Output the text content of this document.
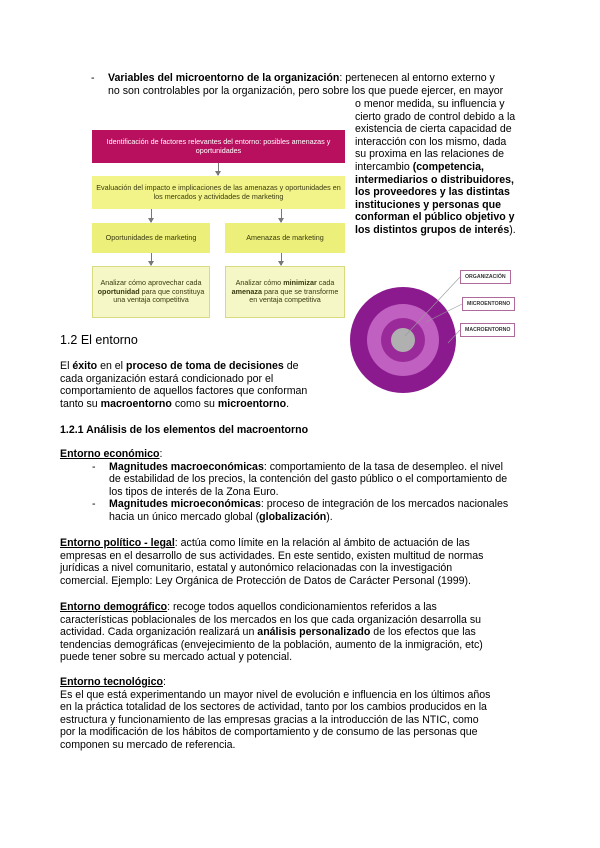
- Variables del microentorno de la organización: pertenecen al entorno externo y
no son controlables por la organización, pero sobre los que puede ejercer, en mayor
o menor medida, su influencia y
cierto grado de control debido a la
existencia de cierta capacidad de
interacción con los mismo, dada
su proxima en las relaciones de
intercambio (competencia,
intermediarios o distribuidores,
los proveedores y las distintas
instituciones y personas que
conforman el público objetivo y
los distintos grupos de interés).
Identificación de factores relevantes del entorno: posibles amenazas y oportunidades
Evaluación del impacto e implicaciones de las amenazas y oportunidades en los mercados y actividades de marketing
Oportunidades de marketing	Amenazas de marketing
Analizar cómo aprovechar cada oportunidad para que constituya una ventaja competitiva
Analizar cómo minimizar cada amenaza para que se transforme en ventaja competitiva
ORGANIZACIÓN
MICROENTORNO
MACROENTORNO
1.2 El entorno
El éxito en el proceso de toma de decisiones de
cada organización estará condicionado por el
comportamiento de aquellos factores que conforman
tanto su macroentorno como su microentorno.
1.2.1 Análisis de los elementos del macroentorno
Entorno económico:
- Magnitudes macroeconómicas: comportamiento de la tasa de desempleo. el nivel
de estabilidad de los precios, la contención del gasto público o el comportamiento de
los tipos de interés de la Zona Euro.
- Magnitudes microeconómicas: proceso de integración de los mercados nacionales
hacia un único mercado global (globalización).
Entorno político - legal: actúa como límite en la relación al ámbito de actuación de las
empresas en el desarrollo de sus actividades. En este sentido, existen multitud de normas
jurídicas a nivel comunitario, estatal y autonómico relacionadas con la investigación
comercial. Ejemplo: Ley Orgánica de Protección de Datos de Carácter Personal (1999).
Entorno demográfico: recoge todos aquellos condicionamientos referidos a las
características poblacionales de los mercados en los que cada organización desarrolla su
actividad. Cada organización realizará un análisis personalizado de los efectos que las
tendencias demográficas (envejecimiento de la población, aumento de la inmigración, etc)
puede tener sobre su mercado actual y potencial.
Entorno tecnológico:
Es el que está experimentando un mayor nivel de evolución e influencia en los últimos años
en la práctica totalidad de los sectores de actividad, tanto por los cambios producidos en la
estructura y funcionamiento de las empresas gracias a la introducción de las NTIC, como
por la modificación de los hábitos de comportamiento y de consumo de las personas que
componen su mercado de referencia.
